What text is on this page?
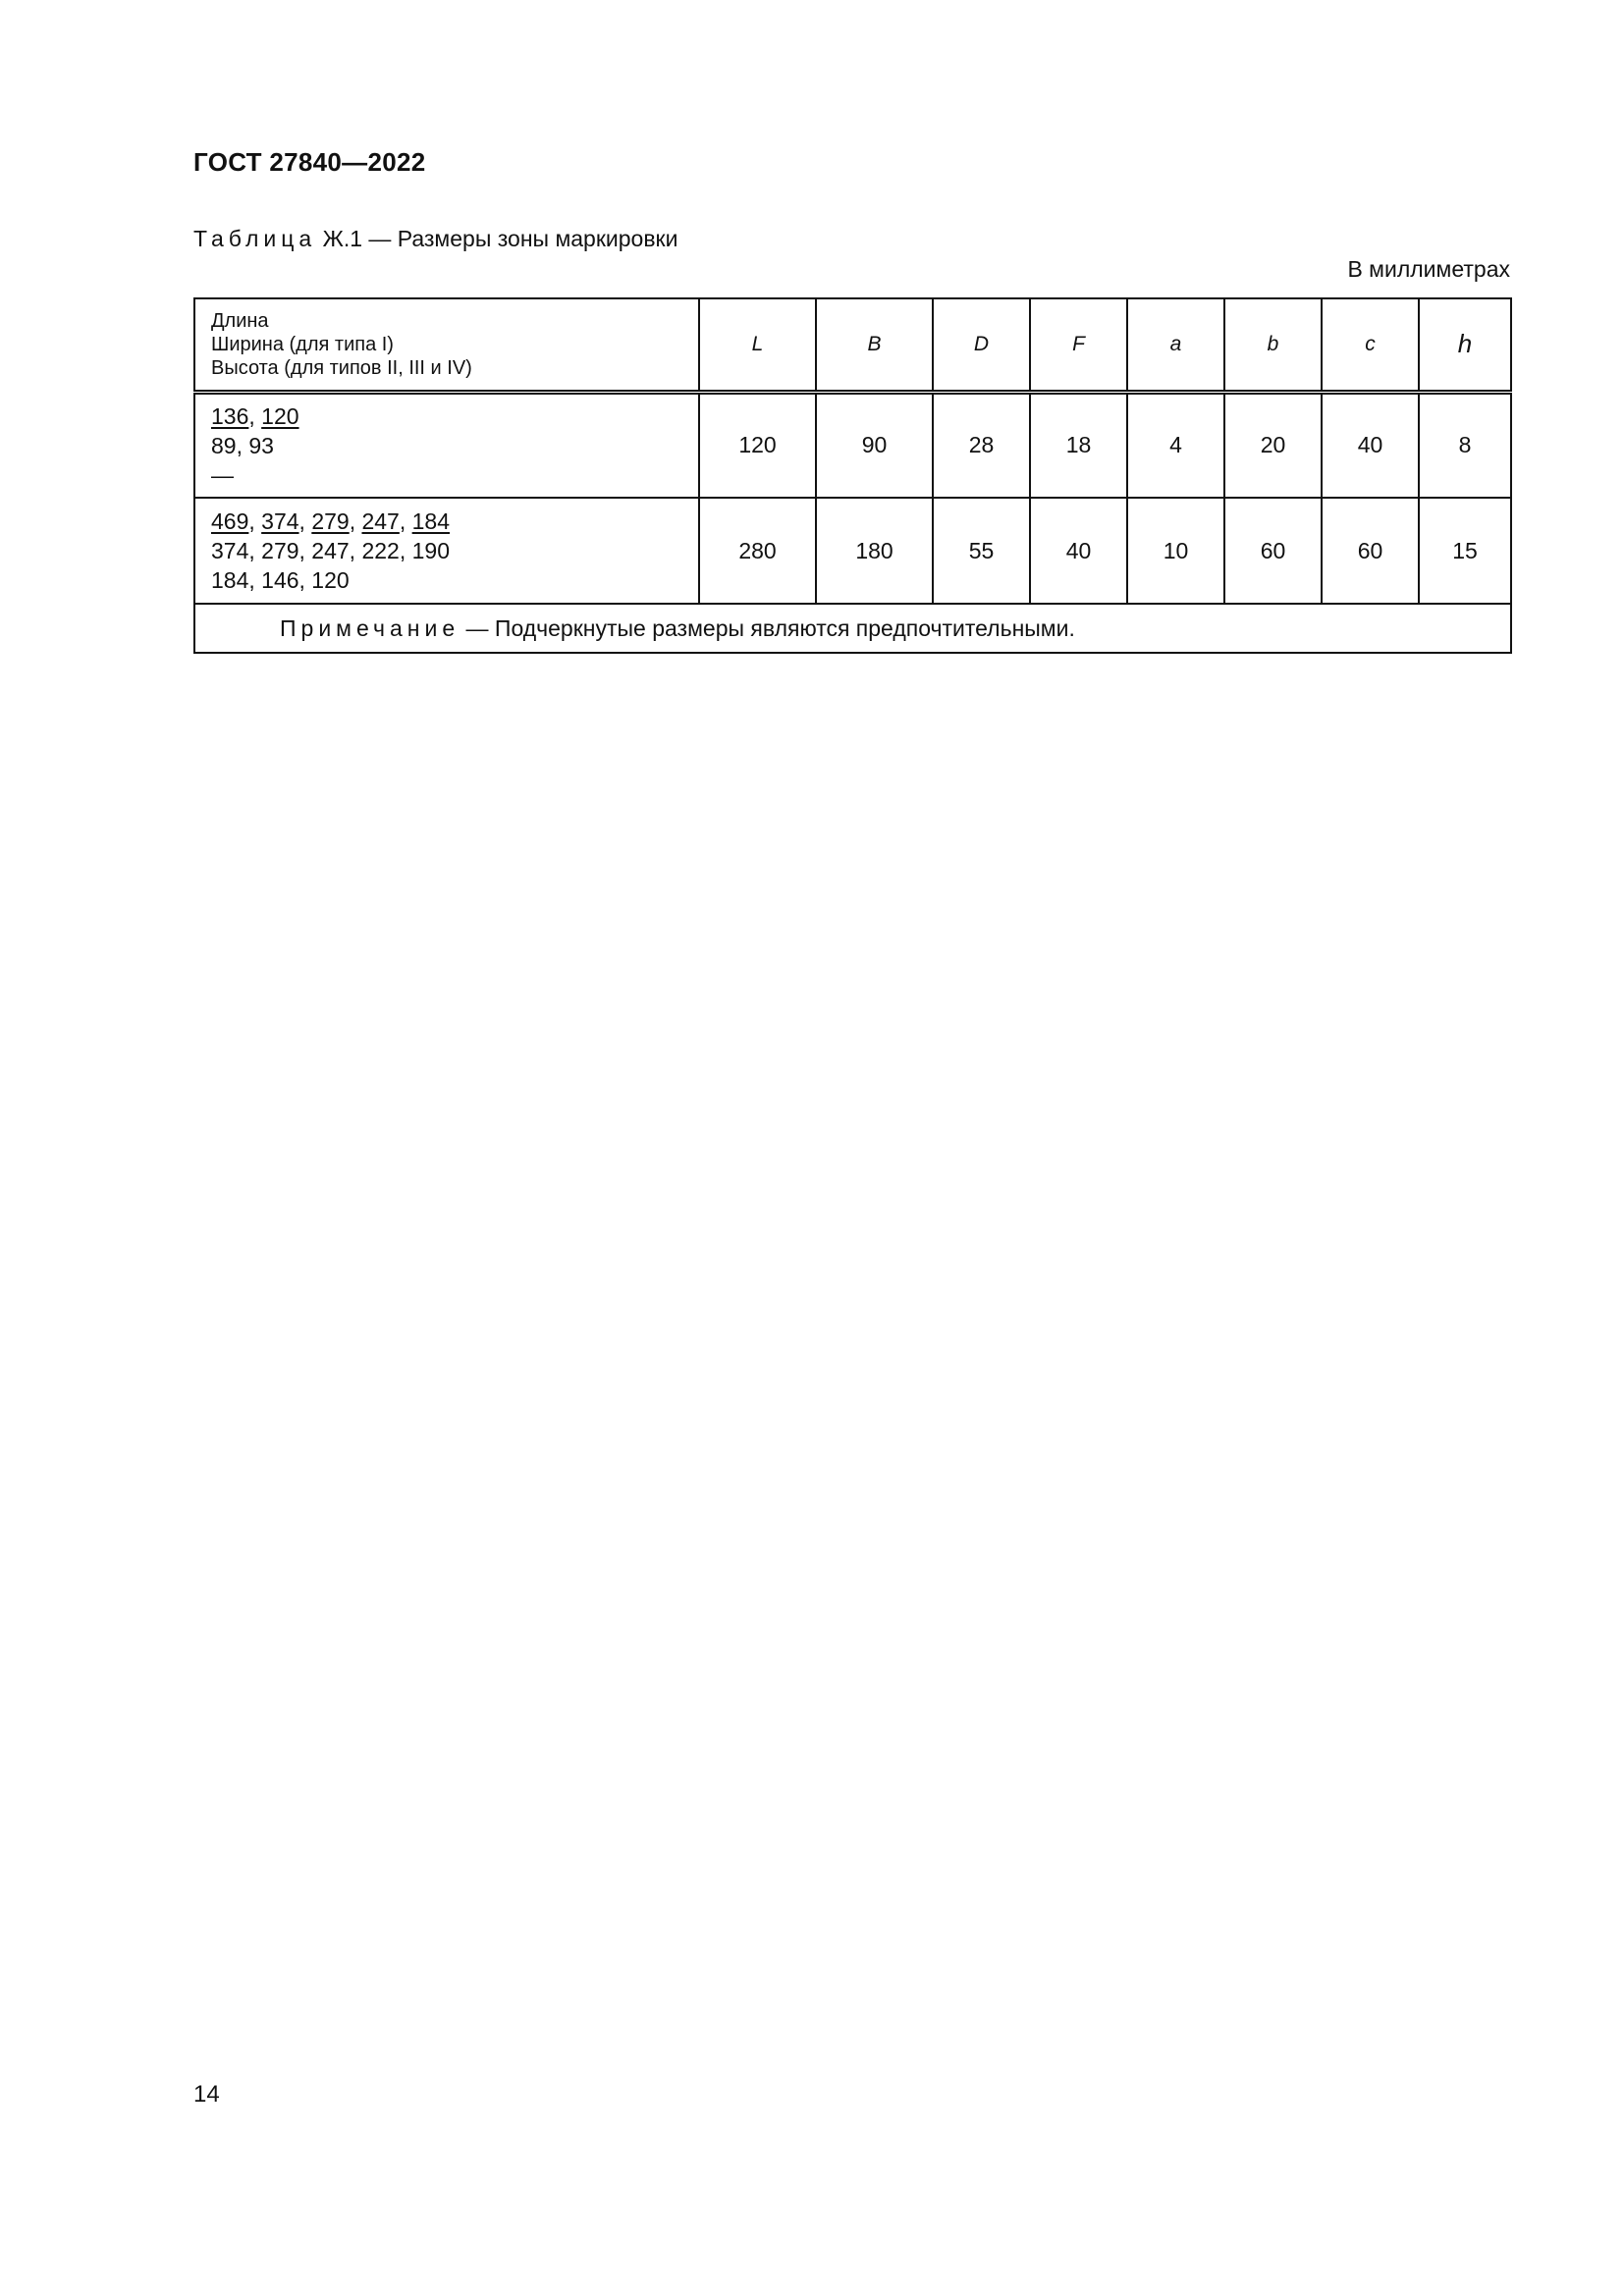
ГОСТ 27840—2022
Таблица Ж.1 — Размеры зоны маркировки
В миллиметрах
Длина
Ширина (для типа I)
Высота (для типов II, III и IV)	L	B	D	F	a	b	c	h

136, 120
89, 93
—	120	90	28	18	4	20	40	8

469, 374, 279, 247, 184
374, 279, 247, 222, 190
184, 146, 120	280	180	55	40	10	60	60	15
Примечание — Подчеркнутые размеры являются предпочтительными.								
14
